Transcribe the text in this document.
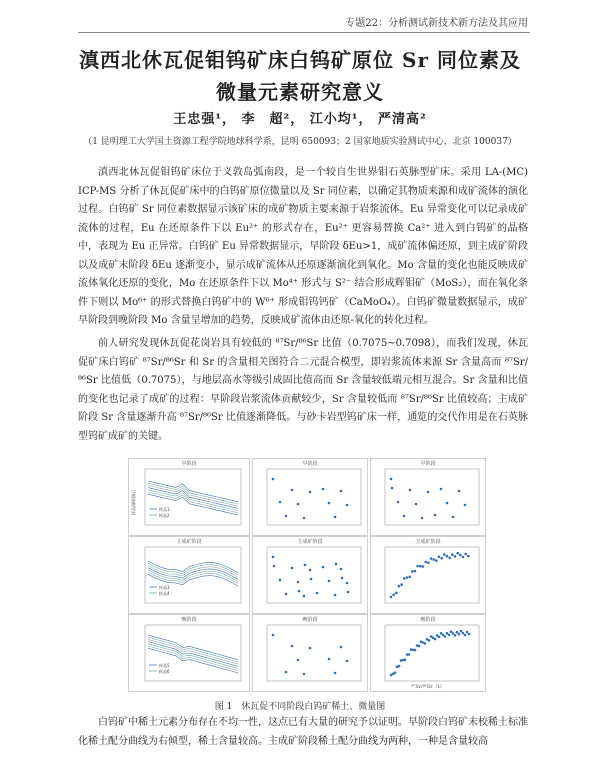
专题22：分析测试新技术新方法及其应用
滇西北休瓦促钼钨矿床白钨矿原位 Sr 同位素及
微量元素研究意义
王忠强¹， 李　超²， 江小均¹， 严清高²
（1 昆明理工大学国土资源工程学院地球科学系，昆明 650093；2 国家地质实验测试中心，北京 100037）

滇西北休瓦促钼钨矿床位于义敦岛弧南段，是一个较自生世界钼石英脉型矿床。采用 LA-(MC) ICP-MS 分析了休瓦促矿床中的白钨矿原位微量以及 Sr 同位素，以确定其物质来源和成矿流体的演化过程。白钨矿 Sr 同位素数据显示该矿床的成矿物质主要来源于岩浆流体。Eu 异常变化可以记录成矿流体的过程，Eu 在还原条件下以 Eu²⁺ 的形式存在，Eu²⁺ 更容易替换 Ca²⁺ 进入到白钨矿的晶格中，表现为 Eu 正异常。白钨矿 Eu 异常数据显示，早阶段 δEu>1，成矿流体偏还原，到主成矿阶段以及成矿末阶段 δEu 逐渐变小，显示成矿流体从还原逐渐演化到氧化。Mo 含量的变化也能反映成矿流体氧化还原的变化，Mo 在还原条件下以 Mo⁴⁺ 形式与 S²⁻ 结合形成辉钼矿（MoS₂），而在氧化条件下则以 Mo⁶⁺ 的形式替换白钨矿中的 W⁶⁺ 形成钼钨钙矿（CaMoO₄）。白钨矿微量数据显示，成矿早阶段到晚阶段 Mo 含量呈增加的趋势，反映成矿流体由还原-氧化的转化过程。

前人研究发现休瓦促花岗岩具有较低的 ⁸⁷Sr/⁸⁶Sr 比值（0.7075~0.7098），而我们发现，休瓦促矿床白钨矿 ⁸⁷Sr/⁸⁶Sr 和 Sr 的含量相关图符合二元混合模型，即岩浆流体来源 Sr 含量高而 ⁸⁷Sr/⁸⁶Sr 比值低（0.7075），与地层高水等级引成固比值高而 Sr 含量较低端元相互混合。Sr 含量和比值的变化也记录了成矿的过程：早阶段岩浆流体贡献较少，Sr 含量较低而 ⁸⁷Sr/⁸⁶Sr 比值较高；主成矿阶段 Sr 含量逐渐升高 ⁸⁷Sr/⁸⁶Sr 比值逐渐降低。与砂卡岩型钨矿床一样，通览的交代作用是在石英脉型钨矿成矿的关键。

早阶段
样品1
样品2
样品/球粒陨石
主成矿阶段
样品3
样品4
晚阶段
样品5
样品6
早阶段	早阶段
主成矿阶段	主成矿阶段
晚阶段	晚阶段
⁸⁷Sr/⁸⁶Sr（t）
图 1　休瓦促不同阶段白钨矿稀土、微量图

白钨矿中稀土元素分布存在不均一性，这点已有大量的研究予以证明。早阶段白钨矿未校稀土标准化稀土配分曲线为右倾型，稀土含量较高。主成矿阶段稀土配分曲线为两种，一种是含量较高
